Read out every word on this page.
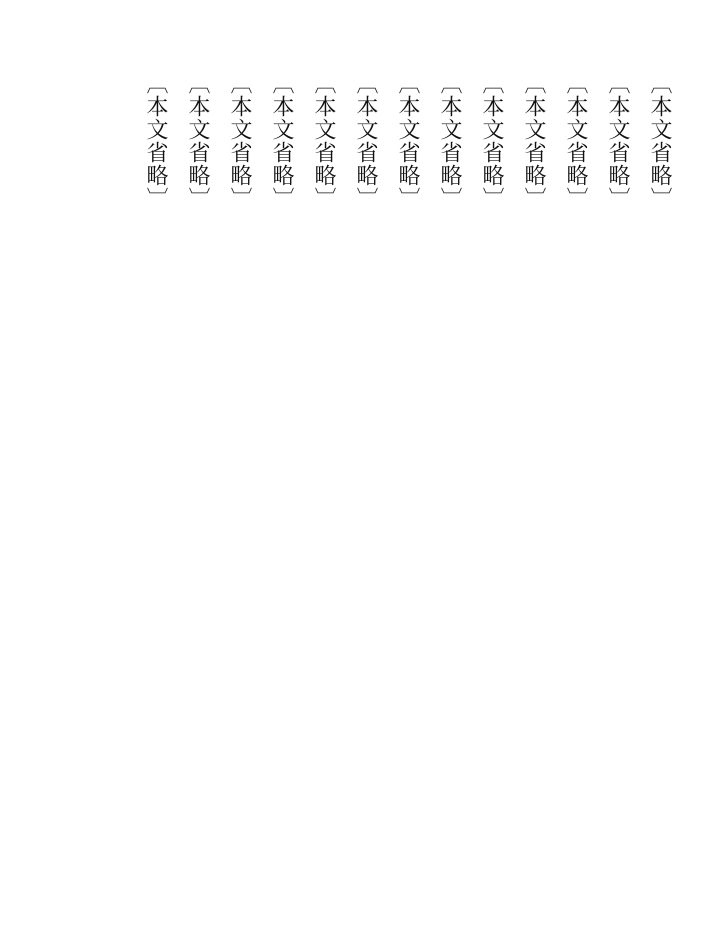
〔本文省略〕

〔本文省略〕

〔本文省略〕

〔本文省略〕

〔本文省略〕

〔本文省略〕

〔本文省略〕

〔本文省略〕

〔本文省略〕

〔本文省略〕

〔本文省略〕

〔本文省略〕

〔本文省略〕
